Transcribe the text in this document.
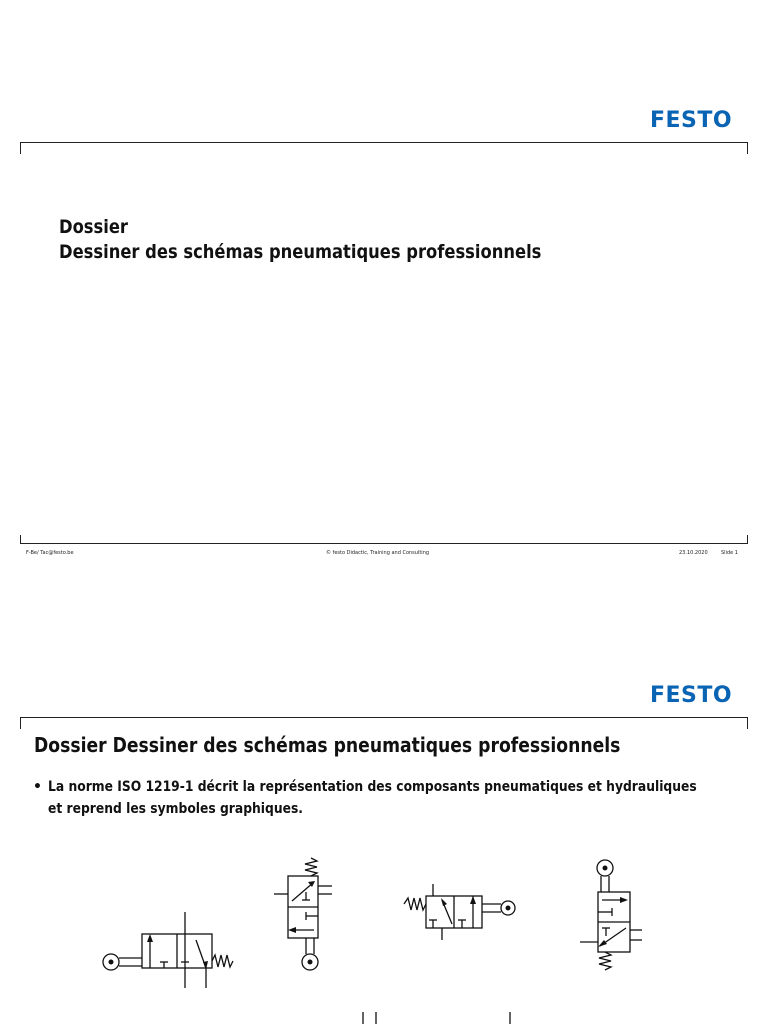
FESTO
Dossier
Dessiner des schémas pneumatiques professionnels
F-Be/ Tac@festo.be	© festo Didactic, Training and Consulting	23.10.2020	Slide 1
FESTO
Dossier Dessiner des schémas pneumatiques professionnels
• La norme ISO 1219-1 décrit la représentation des composants pneumatiques et hydrauliques
et reprend les symboles graphiques.
